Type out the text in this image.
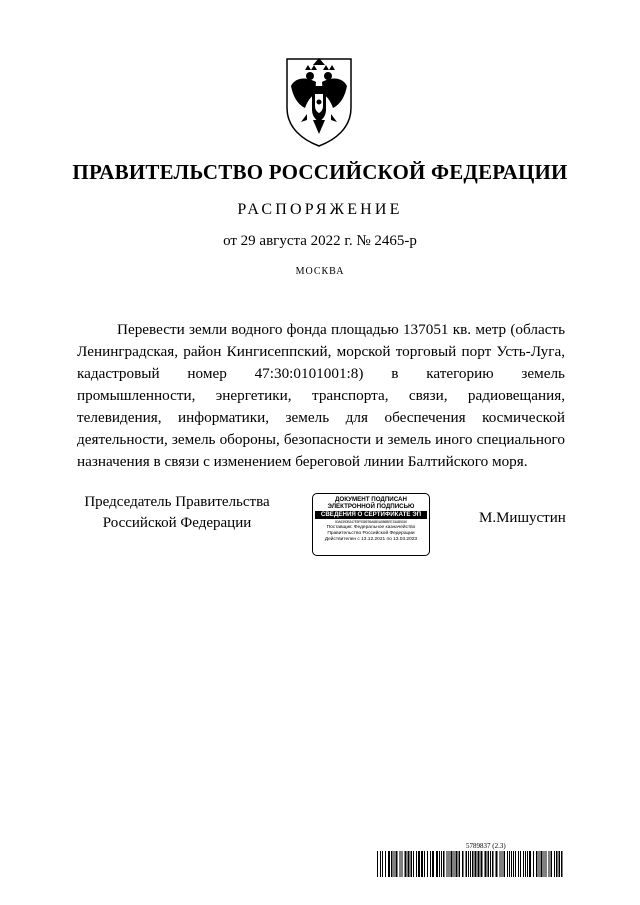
ПРАВИТЕЛЬСТВО РОССИЙСКОЙ ФЕДЕРАЦИИ
РАСПОРЯЖЕНИЕ
от 29 августа 2022 г. № 2465-р
МОСКВА
Перевести земли водного фонда площадью 137051 кв. метр (область Ленинградская, район Кингисеппский, морской торговый порт Усть-Луга, кадастровый номер 47:30:0101001:8) в категорию земель промышленности, энергетики, транспорта, связи, радиовещания, телевидения, информатики, земель для обеспечения космической деятельности, земель обороны, безопасности и земель иного специального назначения в связи с изменением береговой линии Балтийского моря.
Председатель Правительства
Российской Федерации
ДОКУМЕНТ ПОДПИСАН
ЭЛЕКТРОННОЙ ПОДПИСЬЮ
СВЕДЕНИЯ О СЕРТИФИКАТЕ ЭП
00A6390B347E5F938E95A6B0A586BEE15AB5040
Поставщик: Федеральное казначейство
Правительство Российской Федерации
Действителен с 13.12.2021 по 13.03.2023
М.Мишустин
5789837 (2.3)
